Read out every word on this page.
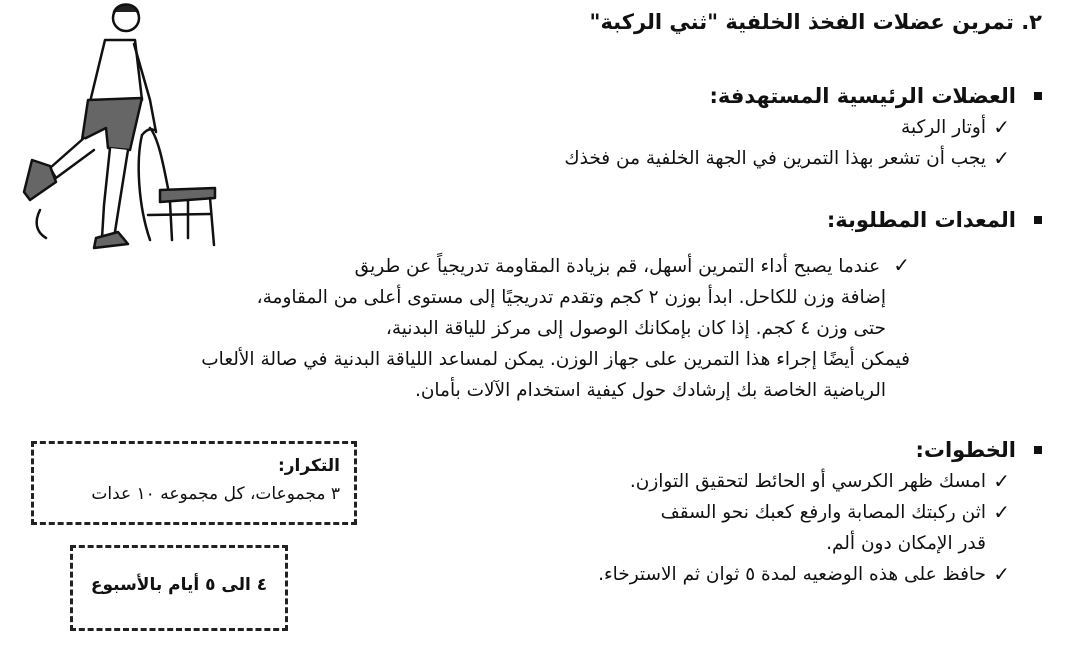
٢. تمرين عضلات الفخذ الخلفية "ثني الركبة"
العضلات الرئيسية المستهدفة:
✓
أوتار الركبة
✓
يجب أن تشعر بهذا التمرين في الجهة الخلفية من فخذك
المعدات المطلوبة:
✓ عندما يصبح أداء التمرين أسهل، قم بزيادة المقاومة تدريجياً عن طريق
إضافة وزن للكاحل. ابدأ بوزن ٢ كجم وتقدم تدريجيًا إلى مستوى أعلى من المقاومة،
حتى وزن ٤ كجم. إذا كان بإمكانك الوصول إلى مركز للياقة البدنية،
فيمكن أيضًا إجراء هذا التمرين على جهاز الوزن. يمكن لمساعد اللياقة البدنية في صالة الألعاب
الرياضية الخاصة بك إرشادك حول كيفية استخدام الآلات بأمان.
الخطوات:
✓
امسك ظهر الكرسي أو الحائط لتحقيق التوازن.
✓
اثن ركبتك المصابة وارفع كعبك نحو السقف
قدر الإمكان دون ألم.
✓
حافظ على هذه الوضعيه لمدة ٥ ثوان ثم الاسترخاء.
التكرار:
٣ مجموعات، كل مجموعه ١٠ عدات
٤ الى ٥ أيام بالأسبوع
